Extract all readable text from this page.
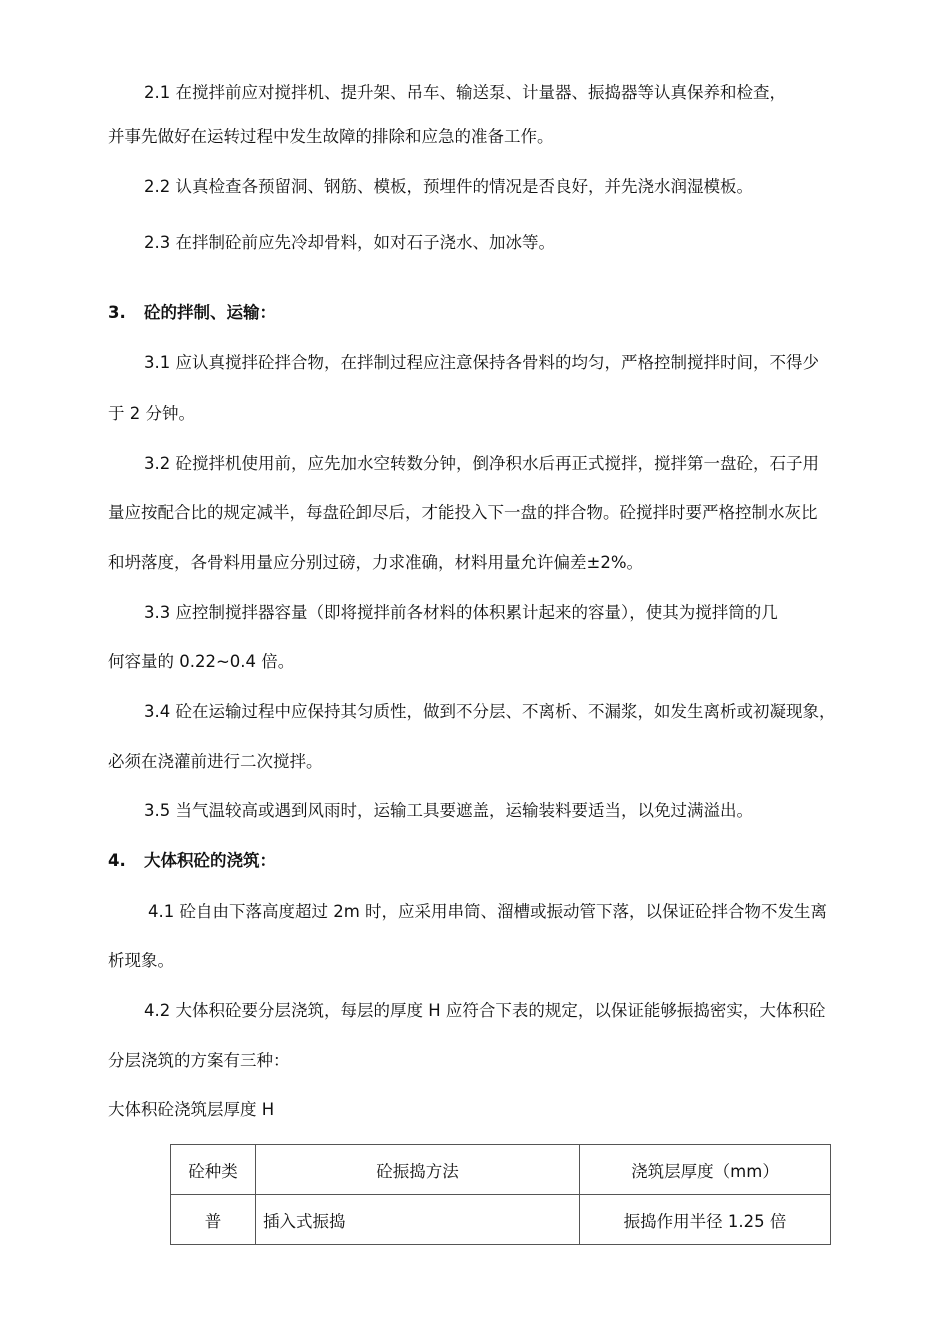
2.1 在搅拌前应对搅拌机、提升架、吊车、输送泵、计量器、振捣器等认真保养和检查，
并事先做好在运转过程中发生故障的排除和应急的准备工作。
2.2 认真检查各预留洞、钢筋、模板，预埋件的情况是否良好，并先浇水润湿模板。
2.3 在拌制砼前应先冷却骨料，如对石子浇水、加冰等。
3. 砼的拌制、运输：
3.1 应认真搅拌砼拌合物，在拌制过程应注意保持各骨料的均匀，严格控制搅拌时间，不得少
于 2 分钟。
3.2 砼搅拌机使用前，应先加水空转数分钟，倒净积水后再正式搅拌，搅拌第一盘砼，石子用
量应按配合比的规定减半，每盘砼卸尽后，才能投入下一盘的拌合物。砼搅拌时要严格控制水灰比
和坍落度，各骨料用量应分别过磅，力求准确，材料用量允许偏差±2%。
3.3 应控制搅拌器容量（即将搅拌前各材料的体积累计起来的容量），使其为搅拌筒的几
何容量的 0.22~0.4 倍。
3.4 砼在运输过程中应保持其匀质性，做到不分层、不离析、不漏浆，如发生离析或初凝现象，
必须在浇灌前进行二次搅拌。
3.5 当气温较高或遇到风雨时，运输工具要遮盖，运输装料要适当，以免过满溢出。
4. 大体积砼的浇筑：
4.1 砼自由下落高度超过 2m 时，应采用串筒、溜槽或振动管下落，以保证砼拌合物不发生离
析现象。
4.2 大体积砼要分层浇筑，每层的厚度 H 应符合下表的规定，以保证能够振捣密实，大体积砼
分层浇筑的方案有三种：
大体积砼浇筑层厚度 H
砼种类	砼振捣方法	浇筑层厚度（mm）
普	插入式振捣	振捣作用半径 1.25 倍
